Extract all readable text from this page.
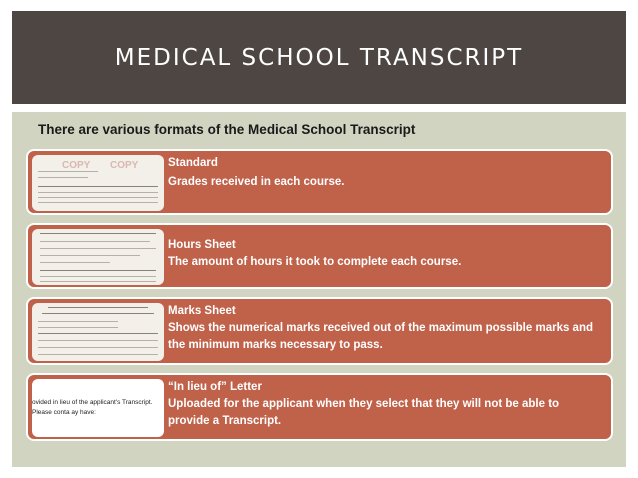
MEDICAL SCHOOL TRANSCRIPT
There are various formats of the Medical School Transcript
COPY COPY	Standard
Grades received in each course.
Hours Sheet
The amount of hours it took to complete each course.
Marks Sheet
Shows the numerical marks received out of the maximum possible marks and the minimum marks necessary to pass.
ovided in lieu of the applicant's Transcript. Please conta ay have:
“In lieu of” Letter
Uploaded for the applicant when they select that they will not be able to provide a Transcript.
